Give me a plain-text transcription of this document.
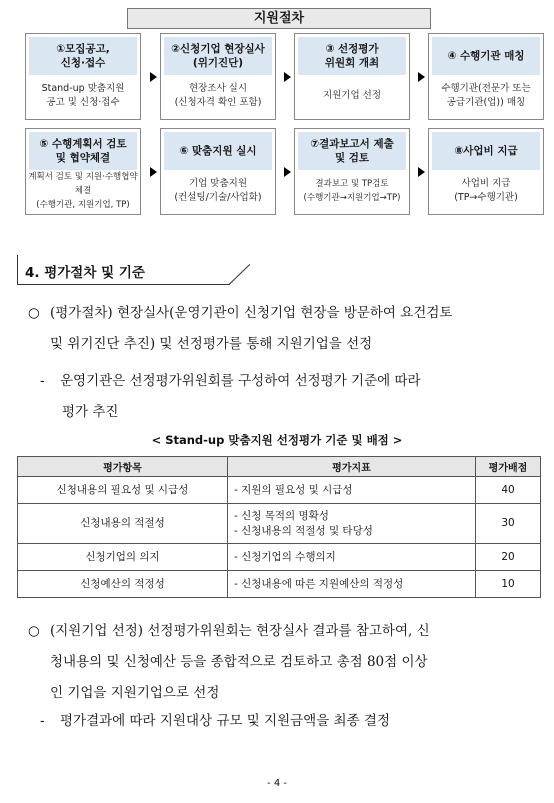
지원절차
①모집공고,
신청·접수
Stand-up 맞춤지원
공고 및 신청·접수
②신청기업 현장실사
(위기진단)
현장조사 실시
(신청자격 확인 포함)
③ 선정평가
위원회 개최
지원기업 선정
④ 수행기관 매칭
수행기관(전문가 또는
공급기관(업)) 매칭
⑤ 수행계획서 검토
및 협약체결
계획서 검토 및 지원·수행협약체결
(수행기관, 지원기업, TP)
⑥ 맞춤지원 실시
기업 맞춤지원
(컨설팅/기술/사업화)
⑦결과보고서 제출
및 검토
결과보고 및 TP검토
(수행기관→지원기업→TP)
⑧사업비 지급
사업비 지급
(TP→수행기관)
4. 평가절차 및 기준
○ (평가절차) 현장실사(운영기관이 신청기업 현장을 방문하여 요건검토
및 위기진단 추진) 및 선정평가를 통해 지원기업을 선정
- 운영기관은 선정평가위원회를 구성하여 선정평가 기준에 따라
평가 추진
< Stand-up 맞춤지원 선정평가 기준 및 배점 >
평가항목	평가지표	평가배점
신청내용의 필요성 및 시급성	- 지원의 필요성 및 시급성	40
신청내용의 적절성	- 신청 목적의 명확성
- 신청내용의 적절성 및 타당성	30
신청기업의 의지	- 신청기업의 수행의지	20
신청예산의 적정성	- 신청내용에 따른 지원예산의 적정성	10
○ (지원기업 선정) 선정평가위원회는 현장실사 결과를 참고하여, 신
청내용의 및 신청예산 등을 종합적으로 검토하고 총점 80점 이상
인 기업을 지원기업으로 선정
- 평가결과에 따라 지원대상 규모 및 지원금액을 최종 결정
- 4 -
